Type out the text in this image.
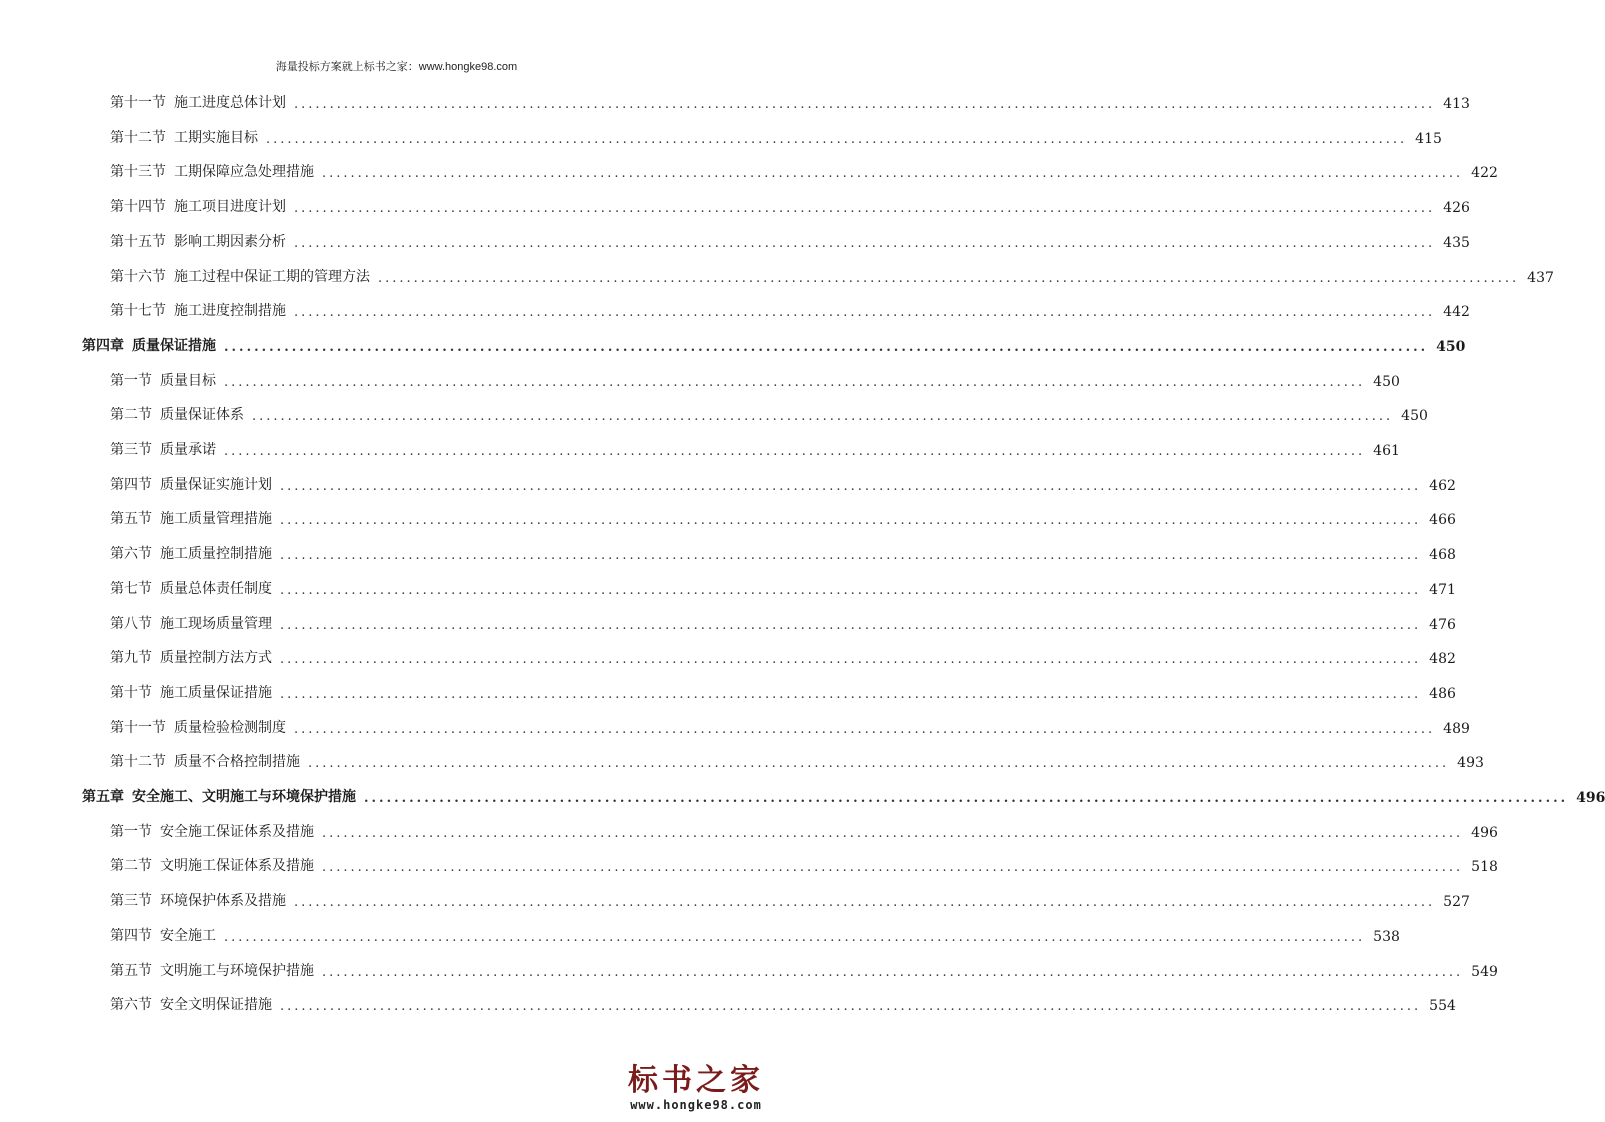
海量投标方案就上标书之家：www.hongke98.com
第十一节 施工进度总体计划 ................................................................................................................................................................ 413
第十二节 工期实施目标 ................................................................................................................................................................ 415
第十三节 工期保障应急处理措施 ................................................................................................................................................................ 422
第十四节 施工项目进度计划 ................................................................................................................................................................ 426
第十五节 影响工期因素分析 ................................................................................................................................................................ 435
第十六节 施工过程中保证工期的管理方法 ................................................................................................................................................................ 437
第十七节 施工进度控制措施 ................................................................................................................................................................ 442
第四章 质量保证措施 ................................................................................................................................................................ 450
第一节 质量目标 ................................................................................................................................................................ 450
第二节 质量保证体系 ................................................................................................................................................................ 450
第三节 质量承诺 ................................................................................................................................................................ 461
第四节 质量保证实施计划 ................................................................................................................................................................ 462
第五节 施工质量管理措施 ................................................................................................................................................................ 466
第六节 施工质量控制措施 ................................................................................................................................................................ 468
第七节 质量总体责任制度 ................................................................................................................................................................ 471
第八节 施工现场质量管理 ................................................................................................................................................................ 476
第九节 质量控制方法方式 ................................................................................................................................................................ 482
第十节 施工质量保证措施 ................................................................................................................................................................ 486
第十一节 质量检验检测制度 ................................................................................................................................................................ 489
第十二节 质量不合格控制措施 ................................................................................................................................................................ 493
第五章 安全施工、文明施工与环境保护措施 ................................................................................................................................................................ 496
第一节 安全施工保证体系及措施 ................................................................................................................................................................ 496
第二节 文明施工保证体系及措施 ................................................................................................................................................................ 518
第三节 环境保护体系及措施 ................................................................................................................................................................ 527
第四节 安全施工 ................................................................................................................................................................ 538
第五节 文明施工与环境保护措施 ................................................................................................................................................................ 549
第六节 安全文明保证措施 ................................................................................................................................................................ 554
标书之家
www.hongke98.com
